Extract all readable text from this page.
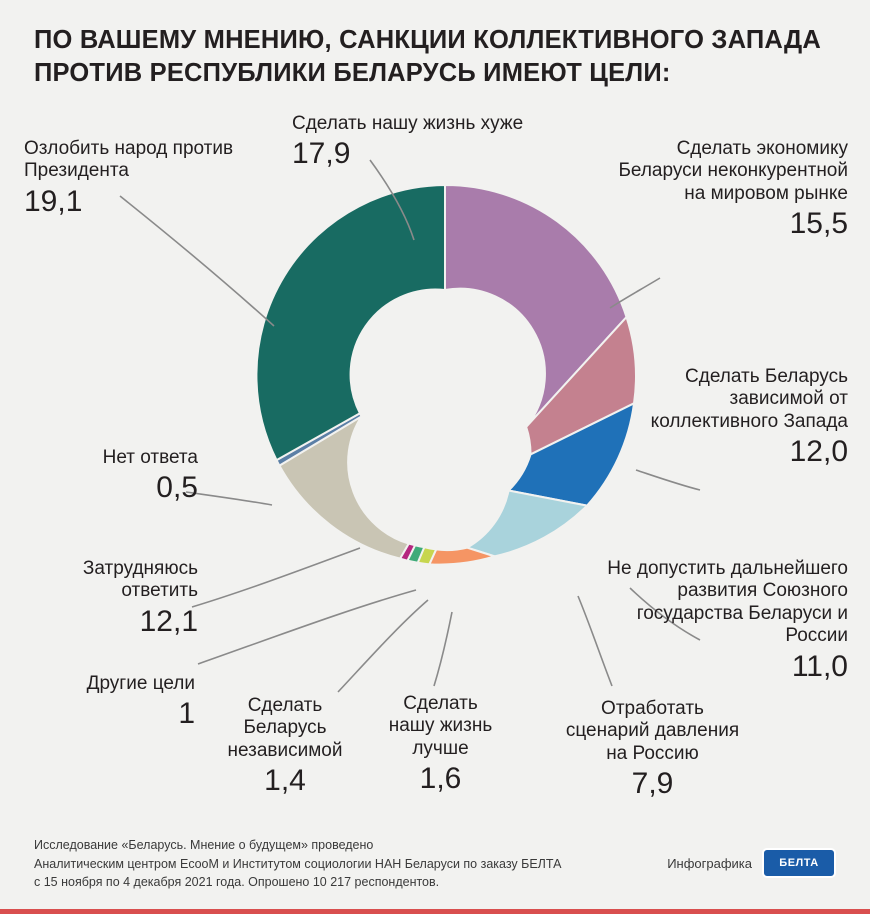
ПО ВАШЕМУ МНЕНИЮ, САНКЦИИ КОЛЛЕКТИВНОГО ЗАПАДА ПРОТИВ РЕСПУБЛИКИ БЕЛАРУСЬ ИМЕЮТ ЦЕЛИ:
Сделать нашу жизнь хуже
17,9	Сделать экономику Беларуси неконкурентной на мировом рынке
15,5
Сделать Беларусь зависимой от коллективного Запада
12,0
Не допустить дальнейшего развития Союзного государства Беларуси и России
11,0
Отработать сценарий давления на Россию
7,9
Сделать нашу жизнь лучше
1,6
Сделать Беларусь независимой
1,4
Другие цели
1
Затрудняюсь ответить
12,1
Нет ответа
0,5
Озлобить народ против Президента
19,1
Исследование «Беларусь. Мнение о будущем» проведено
Аналитическим центром ЕcooM и Институтом социологии НАН Беларуси по заказу БЕЛТА
с 15 ноября по 4 декабря 2021 года. Опрошено 10 217 респондентов.
Инфографика	БЕЛТА
